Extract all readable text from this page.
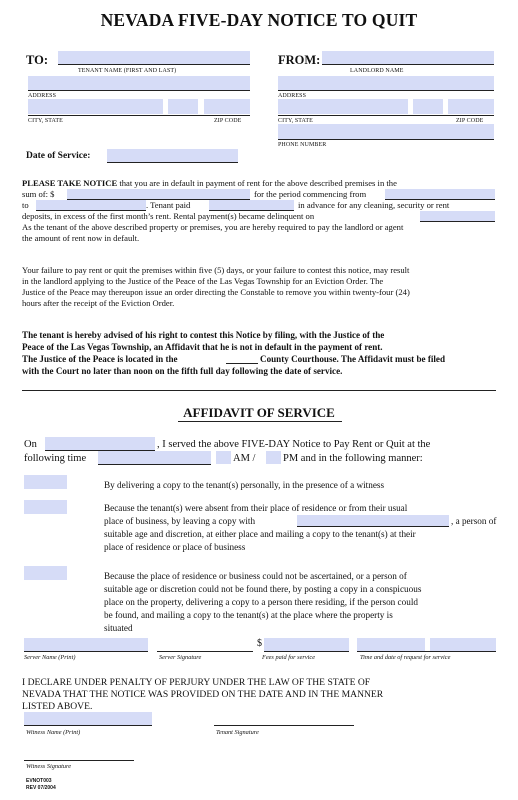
NEVADA FIVE-DAY NOTICE TO QUIT
TO:
TENANT NAME (FIRST AND LAST)
ADDRESS
CITY, STATE	ZIP CODE
FROM:
LANDLORD NAME
ADDRESS
CITY, STATE	ZIP CODE
PHONE NUMBER
Date of Service:
PLEASE TAKE NOTICE that you are in default in payment of rent for the above described premises in the
sum of: $	for the period commencing from
to	. Tenant paid	in advance for any cleaning, security or rent
deposits, in excess of the first month’s rent. Rental payment(s) became delinquent on
As the tenant of the above described property or premises, you are hereby required to pay the landlord or agent
the amount of rent now in default.
Your failure to pay rent or quit the premises within five (5) days, or your failure to contest this notice, may result
in the landlord applying to the Justice of the Peace of the Las Vegas Township for an Eviction Order. The
Justice of the Peace may thereupon issue an order directing the Constable to remove you within twenty-four (24)
hours after the receipt of the Eviction Order.
The tenant is hereby advised of his right to contest this Notice by filing, with the Justice of the
Peace of the Las Vegas Township, an Affidavit that he is not in default in the payment of rent.
The Justice of the Peace is located in the	County Courthouse. The Affidavit must be filed
with the Court no later than noon on the fifth full day following the date of service.
AFFIDAVIT OF SERVICE
On	, I served the above FIVE-DAY Notice to Pay Rent or Quit at the
following time	AM /	PM and in the following manner:
By delivering a copy to the tenant(s) personally, in the presence of a witness
Because the tenant(s) were absent from their place of residence or from their usual
place of business, by leaving a copy with	, a person of
suitable age and discretion, at either place and mailing a copy to the tenant(s) at their
place of residence or place of business
Because the place of residence or business could not be ascertained, or a person of
suitable age or discretion could not be found there, by posting a copy in a conspicuous
place on the property, delivering a copy to a person there residing, if the person could
be found, and mailing a copy to the tenant(s) at the place where the property is
situated
Server Name (Print)	Server Signature
$
Fees paid for service	Time and date of request for service
I DECLARE UNDER PENALTY OF PERJURY UNDER THE LAW OF THE STATE OF
NEVADA THAT THE NOTICE WAS PROVIDED ON THE DATE AND IN THE MANNER
LISTED ABOVE.
Witness Name (Print)	Tenant Signature
Witness Signature
EVNOT003
REV 07/2004
